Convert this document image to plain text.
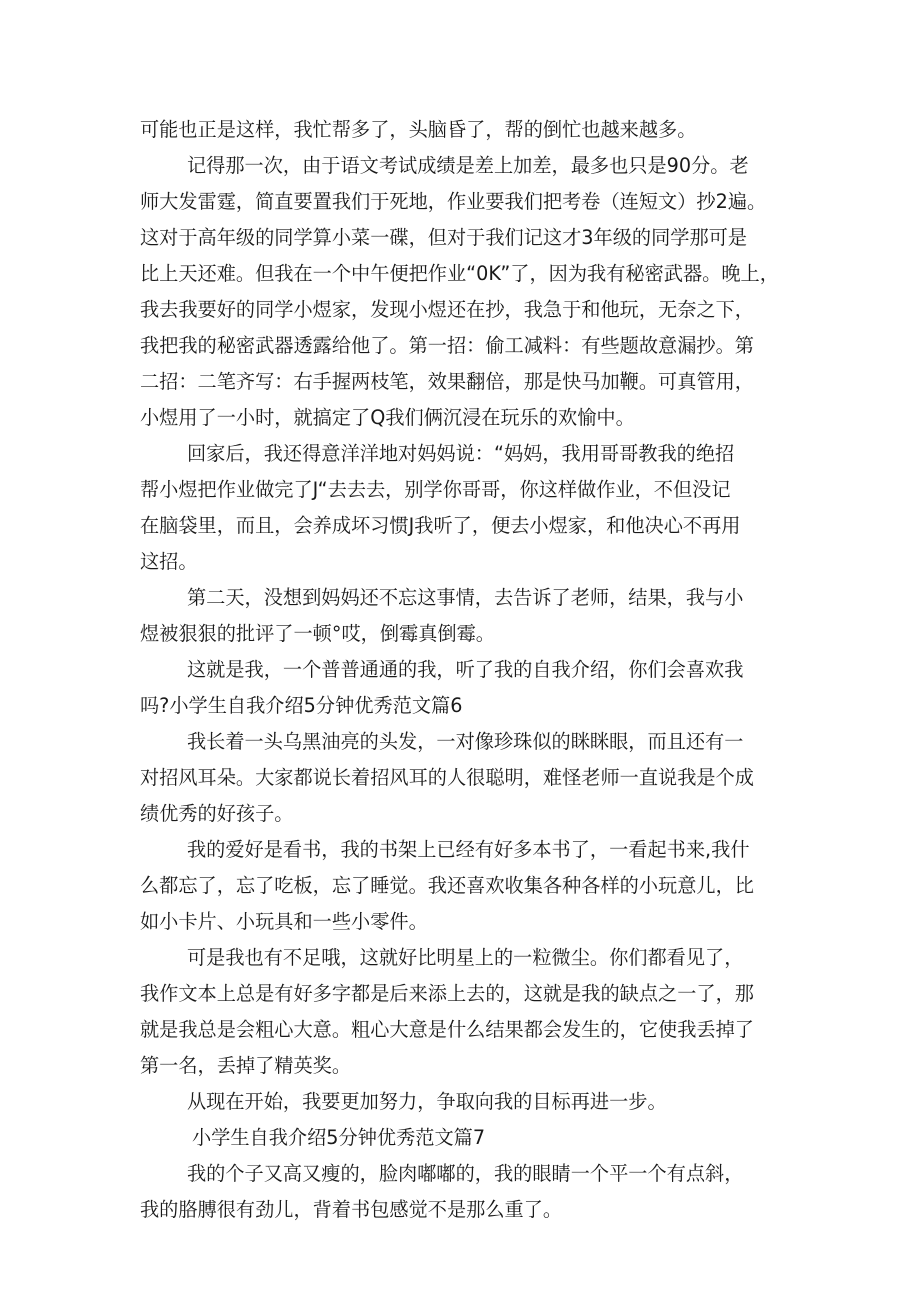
可能也正是这样，我忙帮多了，头脑昏了，帮的倒忙也越来越多。

记得那一次，由于语文考试成绩是差上加差，最多也只是90分。老

师大发雷霆，简直要置我们于死地，作业要我们把考卷（连短文）抄2遍。

这对于高年级的同学算小菜一碟，但对于我们记这才3年级的同学那可是

比上天还难。但我在一个中午便把作业“0K”了，因为我有秘密武器。晚上，

我去我要好的同学小煜家，发现小煜还在抄，我急于和他玩，无奈之下，

我把我的秘密武器透露给他了。第一招：偷工减料：有些题故意漏抄。第

二招：二笔齐写：右手握两枝笔，效果翻倍，那是快马加鞭。可真管用，

小煜用了一小时，就搞定了Q我们俩沉浸在玩乐的欢愉中。

回家后，我还得意洋洋地对妈妈说：“妈妈，我用哥哥教我的绝招

帮小煜把作业做完了J“去去去，别学你哥哥，你这样做作业，不但没记

在脑袋里，而且，会养成坏习惯J我听了，便去小煜家，和他决心不再用

这招。

第二天，没想到妈妈还不忘这事情，去告诉了老师，结果，我与小

煜被狠狠的批评了一顿°哎，倒霉真倒霉。

这就是我，一个普普通通的我，听了我的自我介绍，你们会喜欢我

吗?小学生自我介绍5分钟优秀范文篇6

我长着一头乌黑油亮的头发，一对像珍珠似的眯眯眼，而且还有一

对招风耳朵。大家都说长着招风耳的人很聪明，难怪老师一直说我是个成

绩优秀的好孩子。

我的爱好是看书，我的书架上已经有好多本书了，一看起书来,我什

么都忘了，忘了吃板，忘了睡觉。我还喜欢收集各种各样的小玩意儿，比

如小卡片、小玩具和一些小零件。

可是我也有不足哦，这就好比明星上的一粒微尘。你们都看见了，

我作文本上总是有好多字都是后来添上去的，这就是我的缺点之一了，那

就是我总是会粗心大意。粗心大意是什么结果都会发生的，它使我丢掉了

第一名，丢掉了精英奖。

从现在开始，我要更加努力，争取向我的目标再进一步。

小学生自我介绍5分钟优秀范文篇7

我的个子又高又瘦的，脸肉嘟嘟的，我的眼睛一个平一个有点斜，

我的胳膊很有劲儿，背着书包感觉不是那么重了。
